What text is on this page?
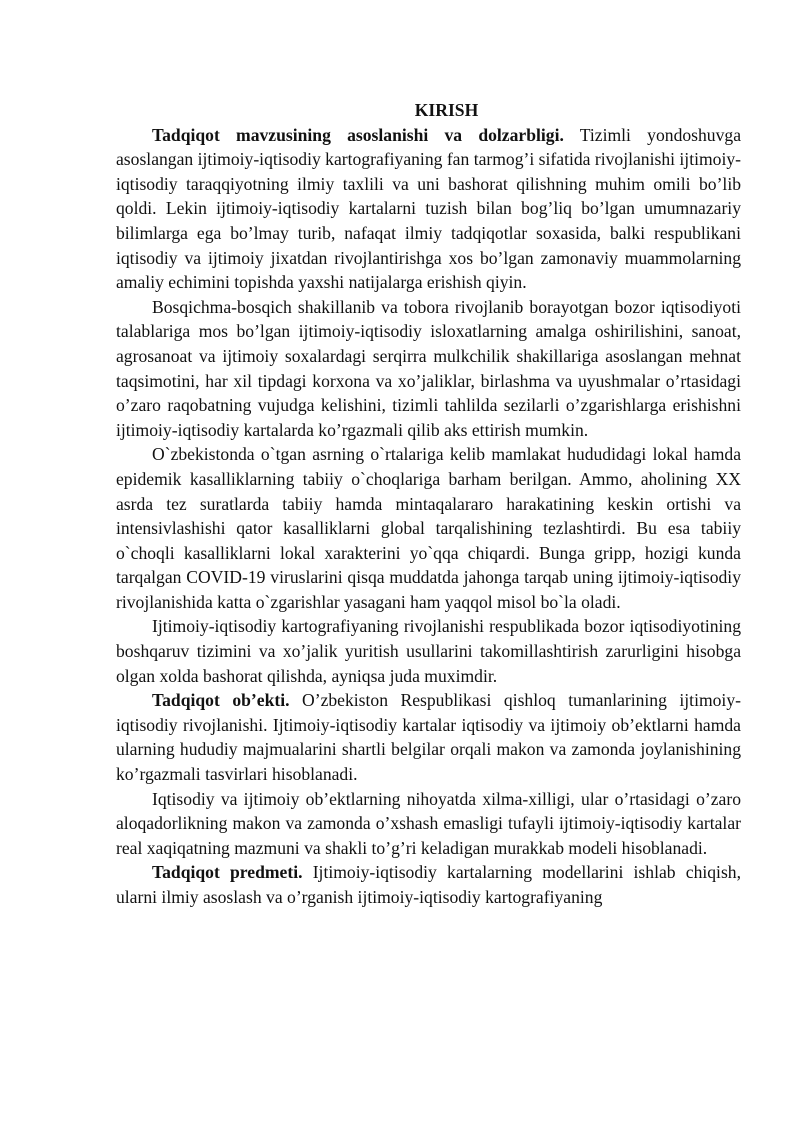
KIRISH

Tadqiqot mavzusining asoslanishi va dolzarbligi. Tizimli yondoshuvga asoslangan ijtimoiy-iqtisodiy kartografiyaning fan tarmog’i sifatida rivojlanishi ijtimoiy-iqtisodiy taraqqiyotning ilmiy taxlili va uni bashorat qilishning muhim omili bo’lib qoldi. Lekin ijtimoiy-iqtisodiy kartalarni tuzish bilan bog’liq bo’lgan umumnazariy bilimlarga ega bo’lmay turib, nafaqat ilmiy tadqiqotlar soxasida, balki respublikani iqtisodiy va ijtimoiy jixatdan rivojlantirishga xos bo’lgan zamonaviy muammolarning amaliy echimini topishda yaxshi natijalarga erishish qiyin.

Bosqichma-bosqich shakillanib va tobora rivojlanib borayotgan bozor iqtisodiyoti talablariga mos bo’lgan ijtimoiy-iqtisodiy isloxatlarning amalga oshirilishini, sanoat, agrosanoat va ijtimoiy soxalardagi serqirra mulkchilik shakillariga asoslangan mehnat taqsimotini, har xil tipdagi korxona va xo’jaliklar, birlashma va uyushmalar o’rtasidagi o’zaro raqobatning vujudga kelishini, tizimli tahlilda sezilarli o’zgarishlarga erishishni ijtimoiy-iqtisodiy kartalarda ko’rgazmali qilib aks ettirish mumkin.

O`zbekistonda o`tgan asrning o`rtalariga kelib mamlakat hududidagi lokal hamda epidemik kasalliklarning tabiiy o`choqlariga barham berilgan. Ammo, aholining XX asrda tez suratlarda tabiiy hamda mintaqalararo harakatining keskin ortishi va intensivlashishi qator kasalliklarni global tarqalishining tezlashtirdi. Bu esa tabiiy o`choqli kasalliklarni lokal xarakterini yo`qqa chiqardi. Bunga gripp, hozigi kunda tarqalgan COVID-19 viruslarini qisqa muddatda jahonga tarqab uning ijtimoiy-iqtisodiy rivojlanishida katta o`zgarishlar yasagani ham yaqqol misol bo`la oladi.

Ijtimoiy-iqtisodiy kartografiyaning rivojlanishi respublikada bozor iqtisodiyotining boshqaruv tizimini va xo’jalik yuritish usullarini takomillashtirish zarurligini hisobga olgan xolda bashorat qilishda, ayniqsa juda muximdir.

Tadqiqot ob’ekti. O’zbekiston Respublikasi qishloq tumanlarining ijtimoiy-iqtisodiy rivojlanishi. Ijtimoiy-iqtisodiy kartalar iqtisodiy va ijtimoiy ob’ektlarni hamda ularning hududiy majmualarini shartli belgilar orqali makon va zamonda joylanishining ko’rgazmali tasvirlari hisoblanadi.

Iqtisodiy va ijtimoiy ob’ektlarning nihoyatda xilma-xilligi, ular o’rtasidagi o’zaro aloqadorlikning makon va zamonda o’xshash emasligi tufayli ijtimoiy-iqtisodiy kartalar real xaqiqatning mazmuni va shakli to’g’ri keladigan murakkab modeli hisoblanadi.

Tadqiqot predmeti. Ijtimoiy-iqtisodiy kartalarning modellarini ishlab chiqish, ularni ilmiy asoslash va o’rganish ijtimoiy-iqtisodiy kartografiyaning
